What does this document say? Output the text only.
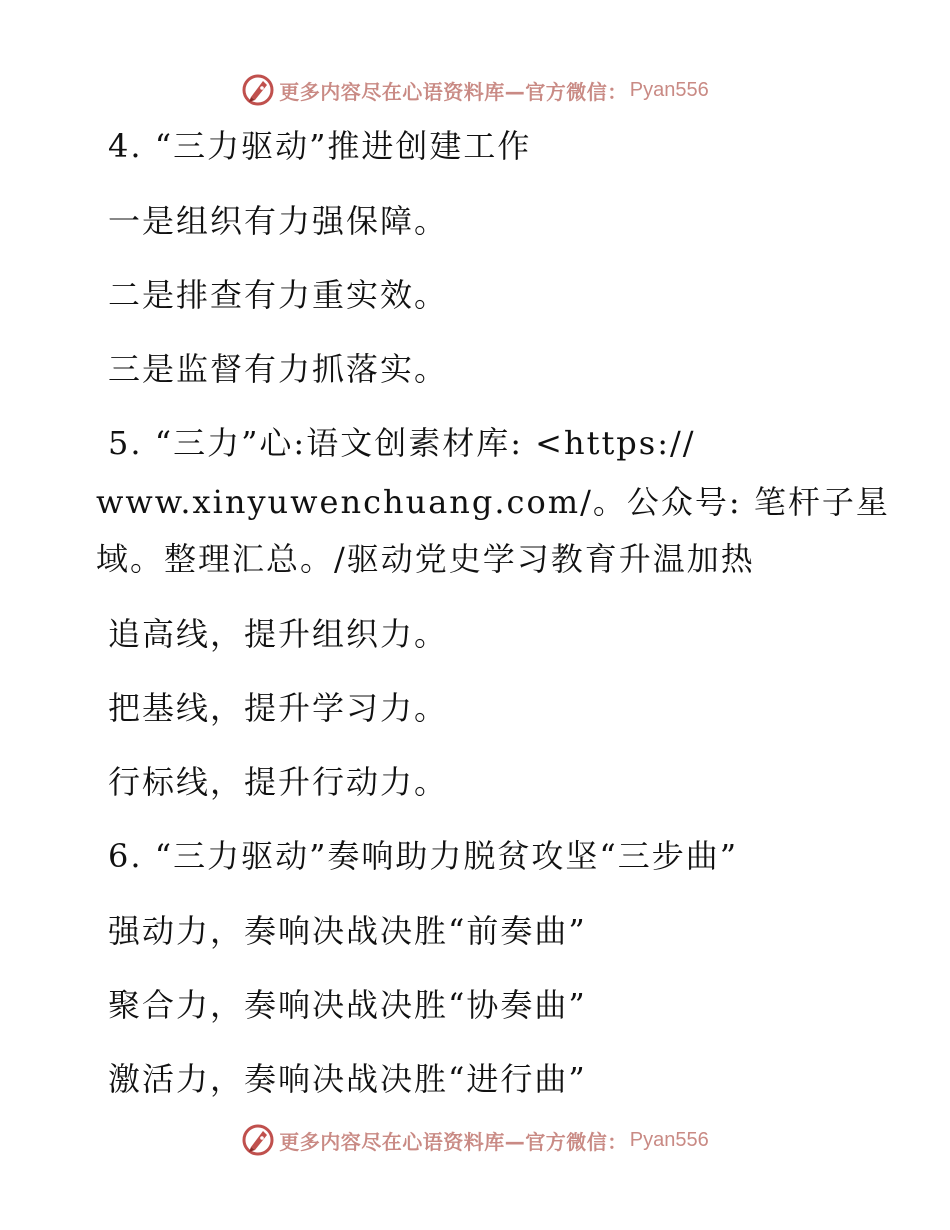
更多内容尽在心语资料库—官方微信： Pyan556
4. “三力驱动”推进创建工作
一是组织有力强保障。
二是排查有力重实效。
三是监督有力抓落实。
5. “三力”心:语文创素材库: <https://
www.xinyuwenchuang.com/。公众号: 笔杆子星
域。整理汇总。/驱动党史学习教育升温加热
追高线，提升组织力。
把基线，提升学习力。
行标线，提升行动力。
6. “三力驱动”奏响助力脱贫攻坚“三步曲”
强动力，奏响决战决胜“前奏曲”
聚合力，奏响决战决胜“协奏曲”
激活力，奏响决战决胜“进行曲”
更多内容尽在心语资料库—官方微信： Pyan556
